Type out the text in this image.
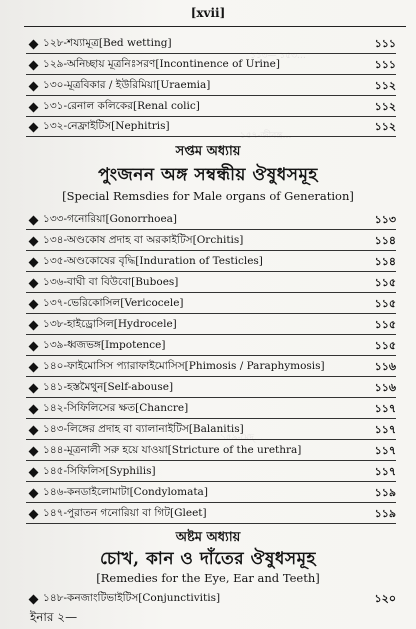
১১৩— ১৫৩…
১৫৭-জীবন্ত্র…
১৫৯-মেদ্…
[xvii]
১২৮-শয্যামূত্র[Bed wetting]	১১১
১২৯-অনিচ্ছায় মূত্রনিঃসরণ[Incontinence of Urine]	১১১
১৩০-মূত্রবিকার / ইউরিমিয়া[Uraemia]	১১২
১৩১-রেনাল কলিকের[Renal colic]	১১২
১৩২-নেফ্রাইটিস[Nephitris]	১১২
সপ্তম অধ্যায়
পুংজনন অঙ্গ সম্বন্ধীয় ঔষুধসমূহ
[Special Remsdies for Male organs of Generation]
১৩৩-গনোরিয়া[Gonorrhoea]	১১৩
১৩৪-অণ্ডকোষ প্রদাহ বা অরকাইটিস[Orchitis]	১১৪
১৩৫-অণ্ডকোষের বৃদ্ধি[Induration of Testicles]	১১৪
১৩৬-বাঘী বা বিউবো[Buboes]	১১৫
১৩৭-ভেরিকোসিল[Vericocele]	১১৫
১৩৮-হাইড্রোসিল[Hydrocele]	১১৫
১৩৯-ধ্বজভঙ্গ[Impotence]	১১৫
১৪০-ফাইমোসিস প্যারাফাইমোসিস[Phimosis / Paraphymosis]	১১৬
১৪১-হস্তমৈথুন[Self-abouse]	১১৬
১৪২-সিফিলিসের ক্ষত[Chancre]	১১৭
১৪৩-লিঙ্গের প্রদাহ বা ব্যালানাইটিস[Balanitis]	১১৭
১৪৪-মূত্রনালী সরু হয়ে যাওয়া[Stricture of the urethra]	১১৭
১৪৫-সিফিলিস[Syphilis]	১১৭
১৪৬-কনডাইলোমাটা[Condylomata]	১১৯
১৪৭-পুরাতন গনোরিয়া বা গিট[Gleet]	১১৯
অষ্টম অধ্যায়
চোখ, কান ও দাঁতের ঔষুধসমূহ
[Remedies for the Eye, Ear and Teeth]
১৪৮-কনজাংটিভাইটিস[Conjunctivitis]	১২০
ইনার ২—
